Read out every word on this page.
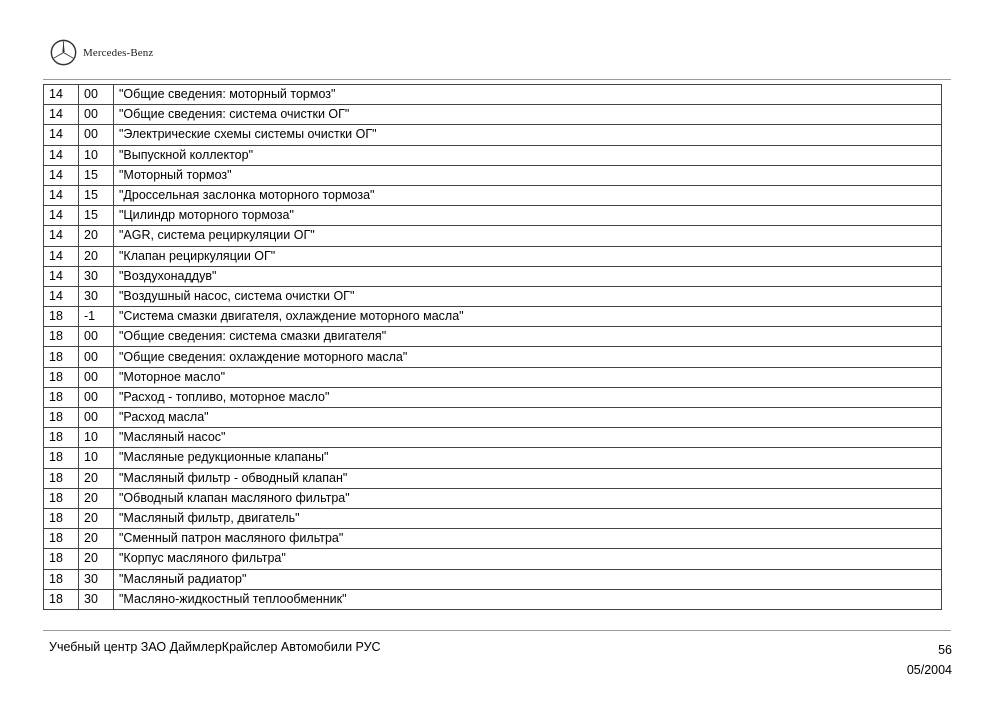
Mercedes-Benz
14	00	"Общие сведения: моторный тормоз"
14	00	"Общие сведения: система очистки ОГ"
14	00	"Электрические схемы системы очистки ОГ"
14	10	"Выпускной коллектор"
14	15	"Моторный тормоз"
14	15	"Дроссельная заслонка моторного тормоза"
14	15	"Цилиндр моторного тормоза"
14	20	"AGR, система рециркуляции ОГ"
14	20	"Клапан рециркуляции ОГ"
14	30	"Воздухонаддув"
14	30	"Воздушный насос, система очистки ОГ"
18	-1	"Система смазки двигателя, охлаждение моторного масла"
18	00	"Общие сведения: система смазки двигателя"
18	00	"Общие сведения: охлаждение моторного масла"
18	00	"Моторное масло"
18	00	"Расход - топливо, моторное масло"
18	00	"Расход масла"
18	10	"Масляный насос"
18	10	"Масляные редукционные клапаны"
18	20	"Масляный фильтр - обводный клапан"
18	20	"Обводный клапан масляного фильтра"
18	20	"Масляный фильтр, двигатель"
18	20	"Сменный патрон масляного фильтра"
18	20	"Корпус масляного фильтра"
18	30	"Масляный радиатор"
18	30	"Масляно-жидкостный теплообменник"
Учебный центр ЗАО ДаймлерКрайслер Автомобили РУС	56
05/2004
